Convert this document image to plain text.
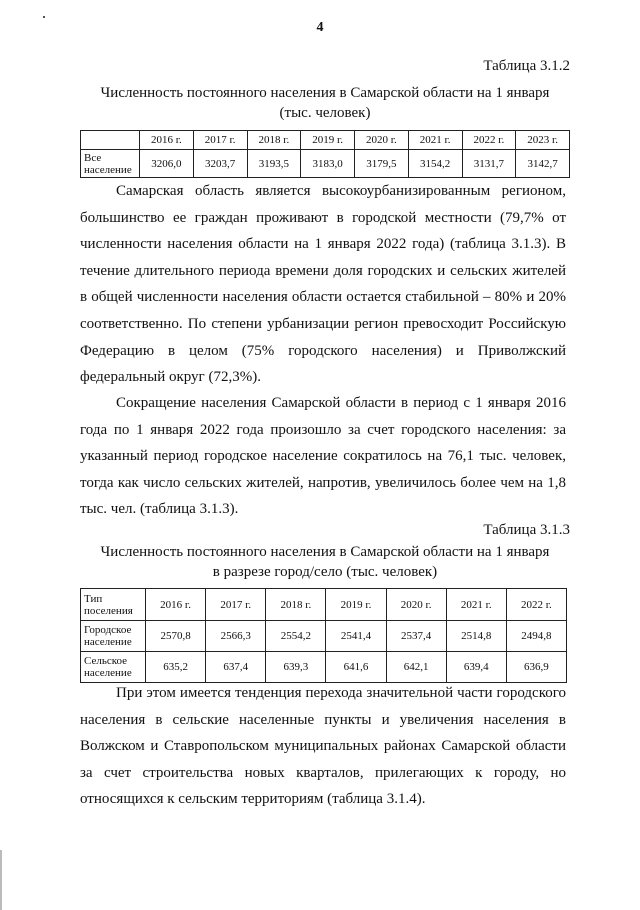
4
Таблица 3.1.2
Численность постоянного населения в Самарской области на 1 января
(тыс. человек)
	2016 г.	2017 г.	2018 г.	2019 г.	2020 г.	2021 г.	2022 г.	2023 г.

Все
население	3206,0	3203,7	3193,5	3183,0	3179,5	3154,2	3131,7	3142,7

Самарская область является высокоурбанизированным регионом, большинство ее граждан проживают в городской местности (79,7% от численности населения области на 1 января 2022 года) (таблица 3.1.3). В течение длительного периода времени доля городских и сельских жителей в общей численности населения области остается стабильной – 80% и 20% соответственно. По степени урбанизации регион превосходит Российскую Федерацию в целом (75% городского населения) и Приволжский федеральный округ (72,3%).

Сокращение населения Самарской области в период с 1 января 2016 года по 1 января 2022 года произошло за счет городского населения: за указанный период городское население сократилось на 76,1 тыс. человек, тогда как число сельских жителей, напротив, увеличилось более чем на 1,8 тыс. чел. (таблица 3.1.3).

Таблица 3.1.3
Численность постоянного населения в Самарской области на 1 января
в разрезе город/село (тыс. человек)
Тип
поселения	2016 г.	2017 г.	2018 г.	2019 г.	2020 г.	2021 г.	2022 г.

Городское
население	2570,8	2566,3	2554,2	2541,4	2537,4	2514,8	2494,8

Сельское
население	635,2	637,4	639,3	641,6	642,1	639,4	636,9

При этом имеется тенденция перехода значительной части городского населения в сельские населенные пункты и увеличения населения в Волжском и Ставропольском муниципальных районах Самарской области за счет строительства новых кварталов, прилегающих к городу, но относящихся к сельским территориям (таблица 3.1.4).
